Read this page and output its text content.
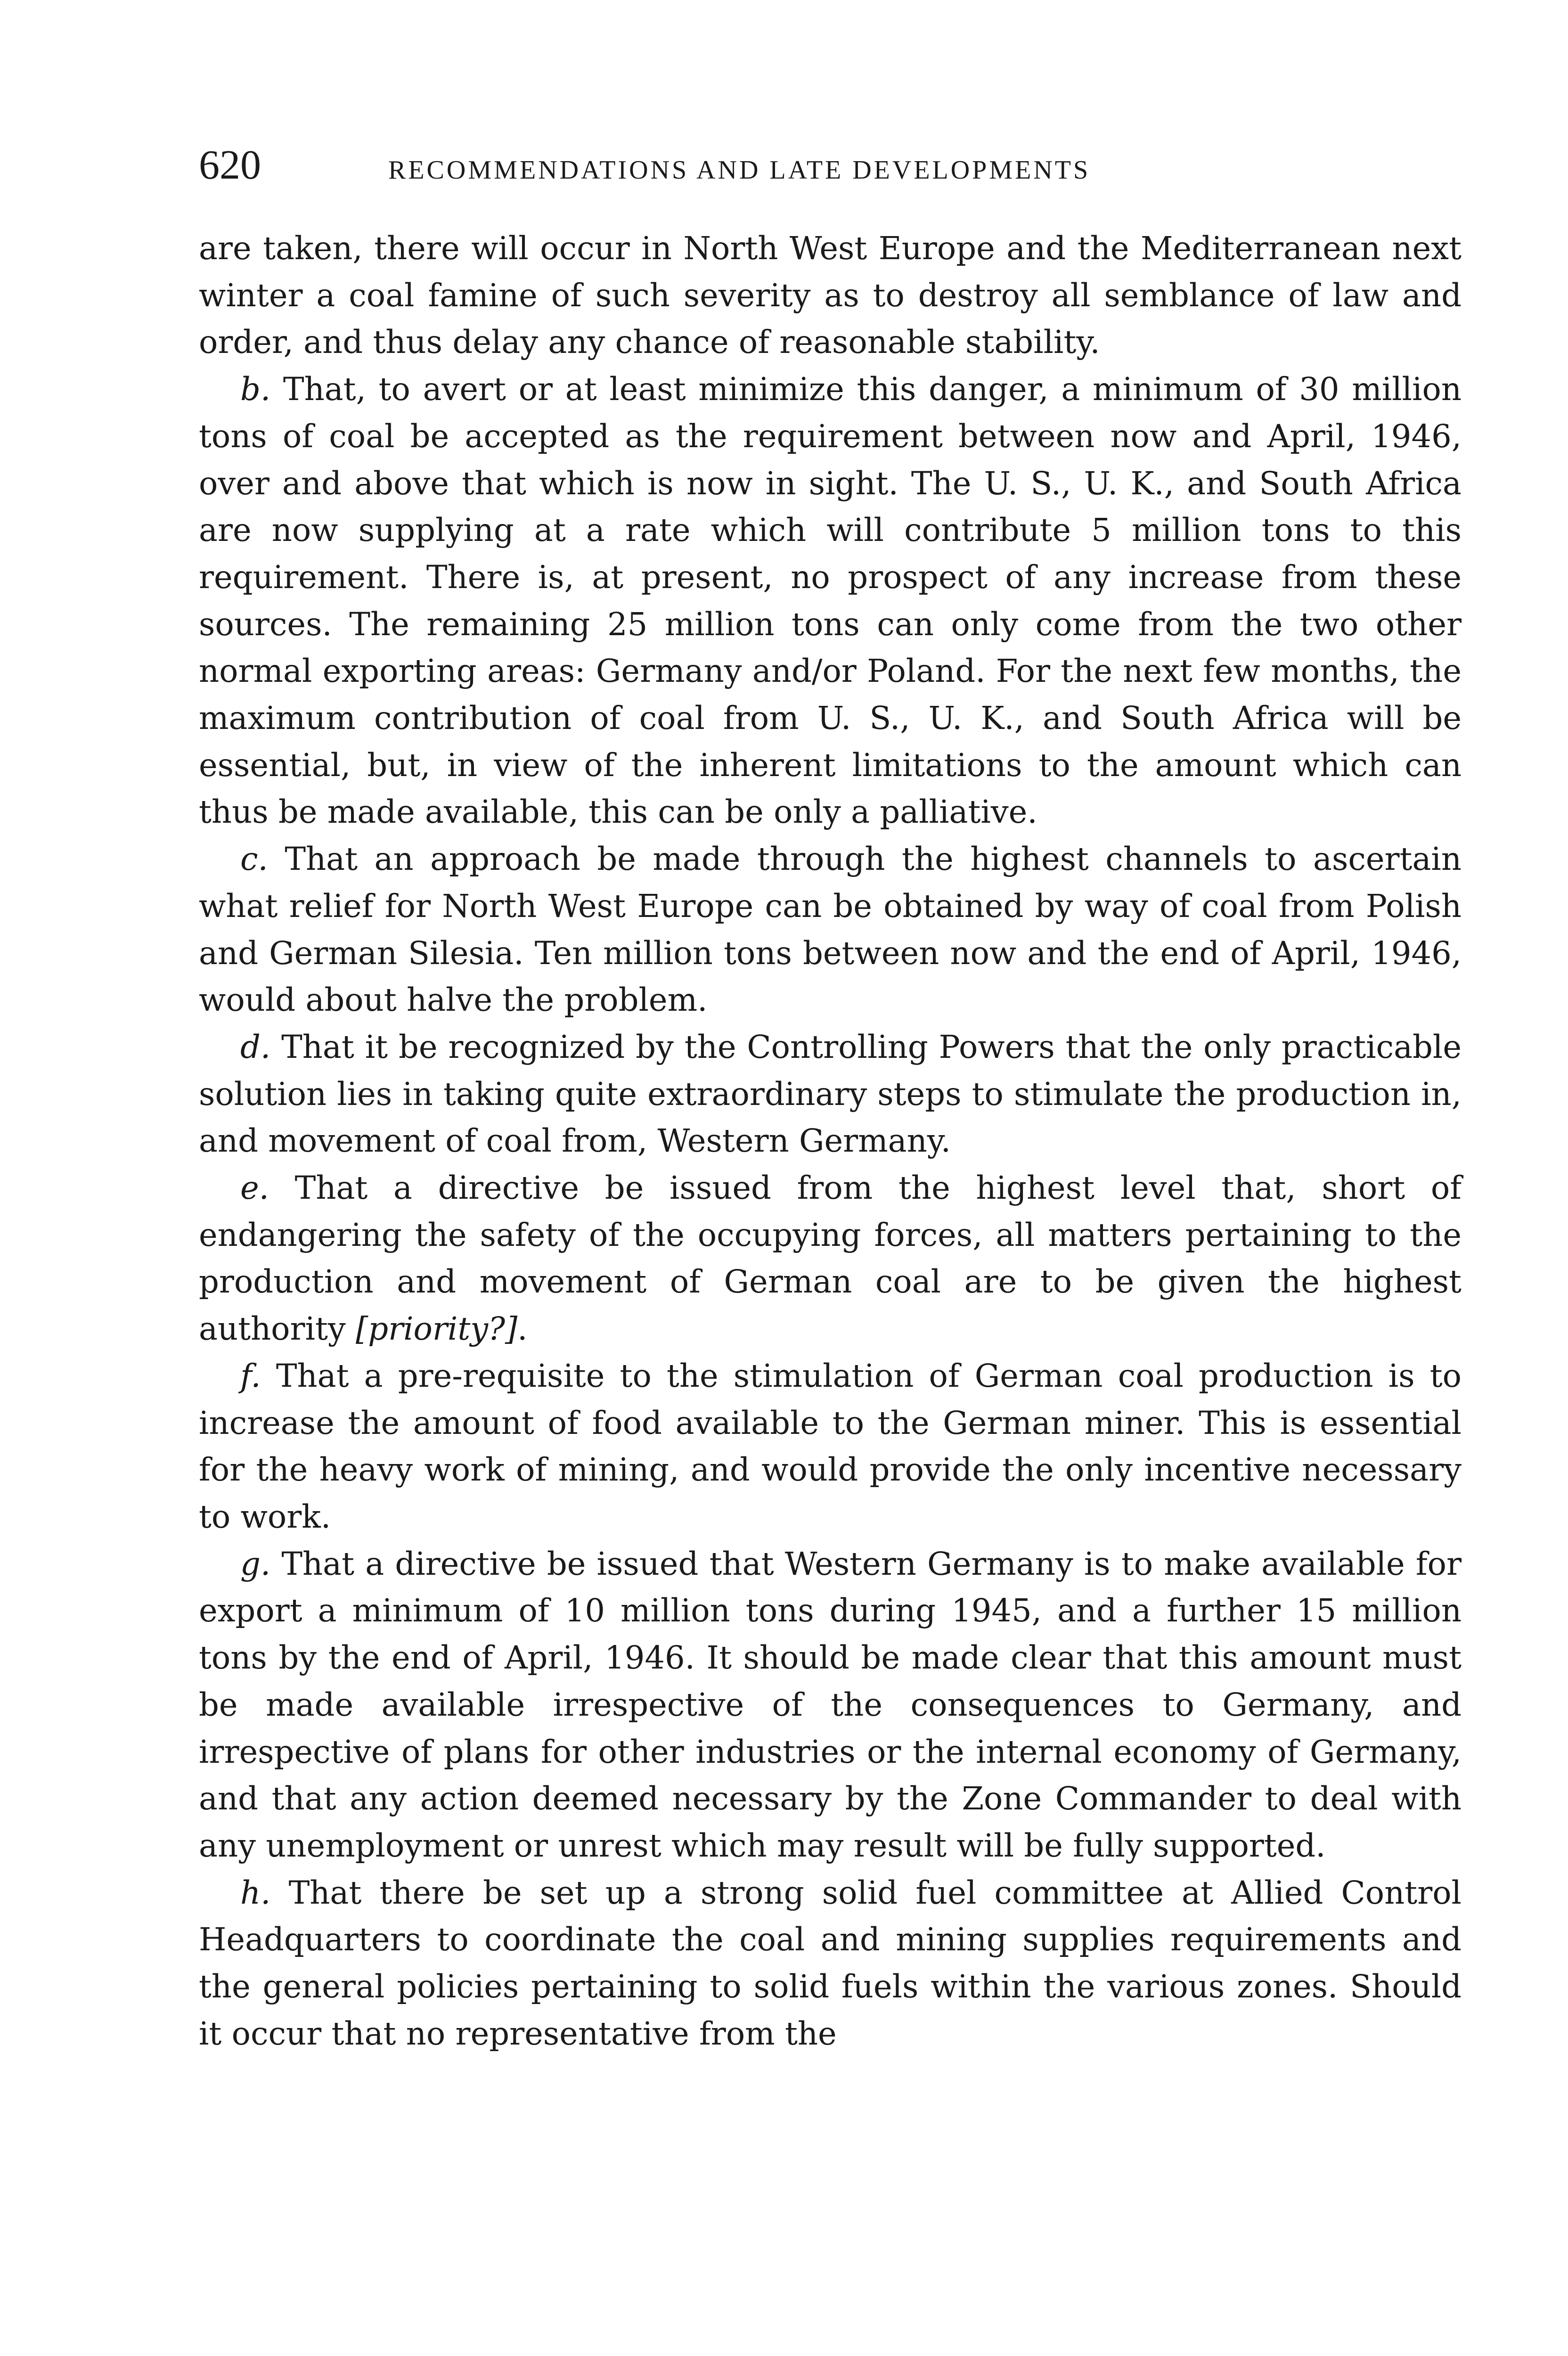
620	RECOMMENDATIONS AND LATE DEVELOPMENTS

are taken, there will occur in North West Europe and the Mediterranean next winter a coal famine of such severity as to destroy all semblance of law and order, and thus delay any chance of reasonable stability.

b. That, to avert or at least minimize this danger, a minimum of 30 million tons of coal be accepted as the requirement between now and April, 1946, over and above that which is now in sight. The U. S., U. K., and South Africa are now supplying at a rate which will contribute 5 million tons to this requirement. There is, at present, no prospect of any increase from these sources. The remaining 25 million tons can only come from the two other normal exporting areas: Germany and/or Poland. For the next few months, the maximum contribution of coal from U. S., U. K., and South Africa will be essential, but, in view of the inherent limitations to the amount which can thus be made available, this can be only a palliative.

c. That an approach be made through the highest channels to ascertain what relief for North West Europe can be obtained by way of coal from Polish and German Silesia. Ten million tons between now and the end of April, 1946, would about halve the problem.

d. That it be recognized by the Controlling Powers that the only practicable solution lies in taking quite extraordinary steps to stimulate the production in, and movement of coal from, Western Germany.

e. That a directive be issued from the highest level that, short of endangering the safety of the occupying forces, all matters pertaining to the production and movement of German coal are to be given the highest authority [priority?].

f. That a pre-requisite to the stimulation of German coal production is to increase the amount of food available to the German miner. This is essential for the heavy work of mining, and would provide the only incentive necessary to work.

g. That a directive be issued that Western Germany is to make available for export a minimum of 10 million tons during 1945, and a further 15 million tons by the end of April, 1946. It should be made clear that this amount must be made available irrespective of the consequences to Germany, and irrespective of plans for other industries or the internal economy of Germany, and that any action deemed necessary by the Zone Commander to deal with any unemployment or unrest which may result will be fully supported.

h. That there be set up a strong solid fuel committee at Allied Control Headquarters to coordinate the coal and mining supplies requirements and the general policies pertaining to solid fuels within the various zones. Should it occur that no representative from the
